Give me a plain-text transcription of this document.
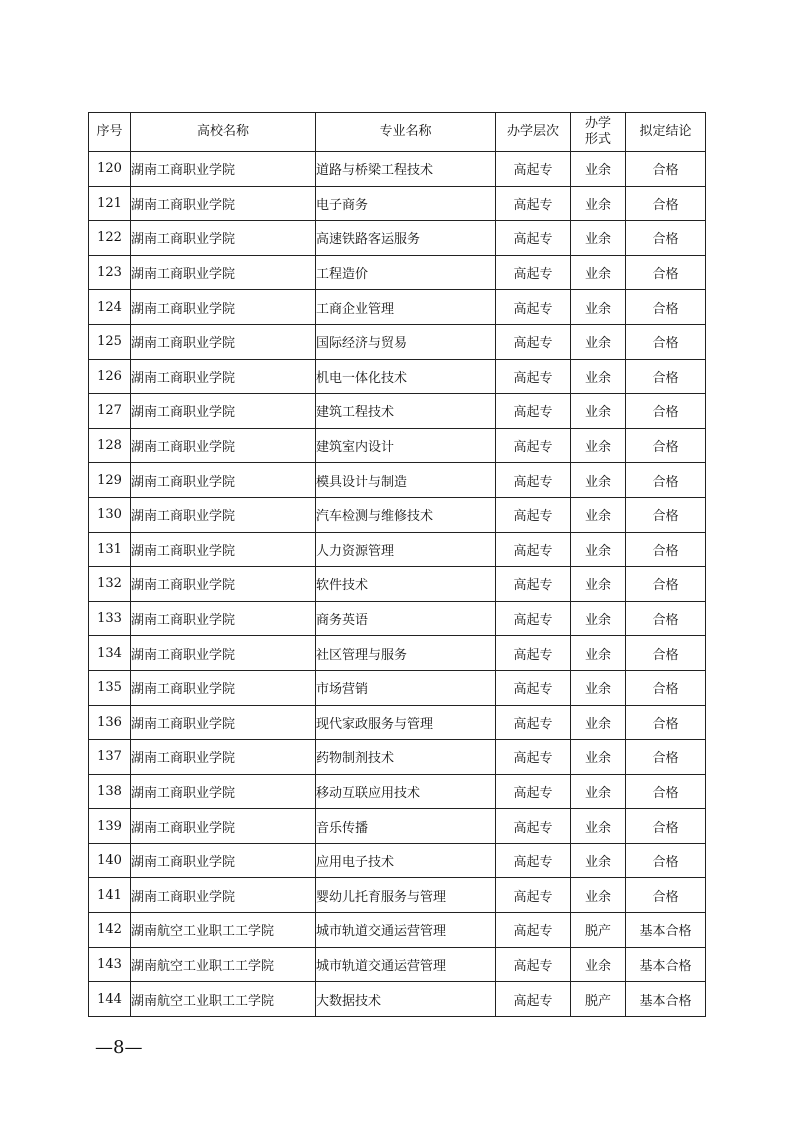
序号	高校名称	专业名称	办学层次	办学形式	拟定结论
120	湖南工商职业学院	道路与桥梁工程技术	高起专	业余	合格
121	湖南工商职业学院	电子商务	高起专	业余	合格
122	湖南工商职业学院	高速铁路客运服务	高起专	业余	合格
123	湖南工商职业学院	工程造价	高起专	业余	合格
124	湖南工商职业学院	工商企业管理	高起专	业余	合格
125	湖南工商职业学院	国际经济与贸易	高起专	业余	合格
126	湖南工商职业学院	机电一体化技术	高起专	业余	合格
127	湖南工商职业学院	建筑工程技术	高起专	业余	合格
128	湖南工商职业学院	建筑室内设计	高起专	业余	合格
129	湖南工商职业学院	模具设计与制造	高起专	业余	合格
130	湖南工商职业学院	汽车检测与维修技术	高起专	业余	合格
131	湖南工商职业学院	人力资源管理	高起专	业余	合格
132	湖南工商职业学院	软件技术	高起专	业余	合格
133	湖南工商职业学院	商务英语	高起专	业余	合格
134	湖南工商职业学院	社区管理与服务	高起专	业余	合格
135	湖南工商职业学院	市场营销	高起专	业余	合格
136	湖南工商职业学院	现代家政服务与管理	高起专	业余	合格
137	湖南工商职业学院	药物制剂技术	高起专	业余	合格
138	湖南工商职业学院	移动互联应用技术	高起专	业余	合格
139	湖南工商职业学院	音乐传播	高起专	业余	合格
140	湖南工商职业学院	应用电子技术	高起专	业余	合格
141	湖南工商职业学院	婴幼儿托育服务与管理	高起专	业余	合格
142	湖南航空工业职工工学院	城市轨道交通运营管理	高起专	脱产	基本合格
143	湖南航空工业职工工学院	城市轨道交通运营管理	高起专	业余	基本合格
144	湖南航空工业职工工学院	大数据技术	高起专	脱产	基本合格
—8—
